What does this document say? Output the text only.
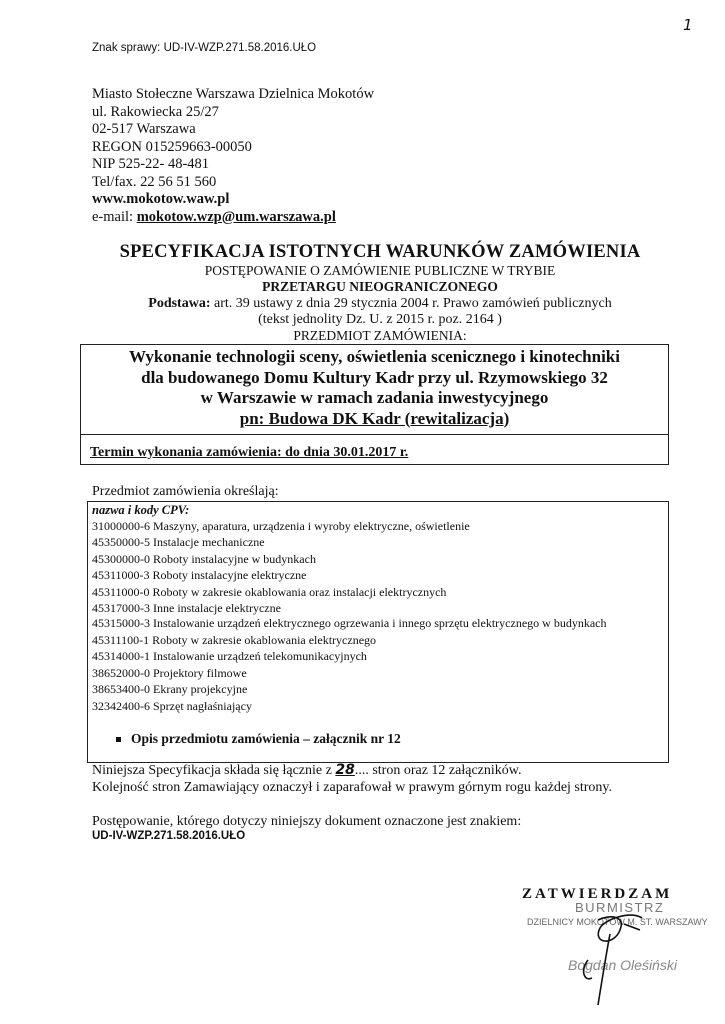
1
Znak sprawy: UD-IV-WZP.271.58.2016.UŁO
Miasto Stołeczne Warszawa Dzielnica Mokotów
ul. Rakowiecka 25/27
02-517 Warszawa
REGON 015259663-00050
NIP 525-22- 48-481
Tel/fax. 22 56 51 560
www.mokotow.waw.pl
e-mail: mokotow.wzp@um.warszawa.pl
SPECYFIKACJA ISTOTNYCH WARUNKÓW ZAMÓWIENIA
POSTĘPOWANIE O ZAMÓWIENIE PUBLICZNE W TRYBIE
PRZETARGU NIEOGRANICZONEGO
Podstawa: art. 39 ustawy z dnia 29 stycznia 2004 r. Prawo zamówień publicznych
(tekst jednolity Dz. U. z 2015 r. poz. 2164 )
PRZEDMIOT ZAMÓWIENIA:
Wykonanie technologii sceny, oświetlenia scenicznego i kinotechniki
dla budowanego Domu Kultury Kadr przy ul. Rzymowskiego 32
w Warszawie w ramach zadania inwestycyjnego
pn: Budowa DK Kadr (rewitalizacja)
Termin wykonania zamówienia: do dnia 30.01.2017 r.
Przedmiot zamówienia określają:
nazwa i kody CPV:
31000000-6 Maszyny, aparatura, urządzenia i wyroby elektryczne, oświetlenie
45350000-5 Instalacje mechaniczne
45300000-0 Roboty instalacyjne w budynkach
45311000-3 Roboty instalacyjne elektryczne
45311000-0 Roboty w zakresie okablowania oraz instalacji elektrycznych
45317000-3 Inne instalacje elektryczne
45315000-3 Instalowanie urządzeń elektrycznego ogrzewania i innego sprzętu elektrycznego w budynkach
45311100-1 Roboty w zakresie okablowania elektrycznego
45314000-1 Instalowanie urządzeń telekomunikacyjnych
38652000-0 Projektory filmowe
38653400-0 Ekrany projekcyjne
32342400-6 Sprzęt nagłaśniający
Opis przedmiotu zamówienia – załącznik nr 12
Niniejsza Specyfikacja składa się łącznie z 28.... stron oraz 12 załączników.
Kolejność stron Zamawiający oznaczył i zaparafował w prawym górnym rogu każdej strony.
Postępowanie, którego dotyczy niniejszy dokument oznaczone jest znakiem:
UD-IV-WZP.271.58.2016.UŁO
ZATWIERDZAM
BURMISTRZ
DZIELNICY MOKOTÓW M. ST. WARSZAWY
Bogdan Oleśiński
